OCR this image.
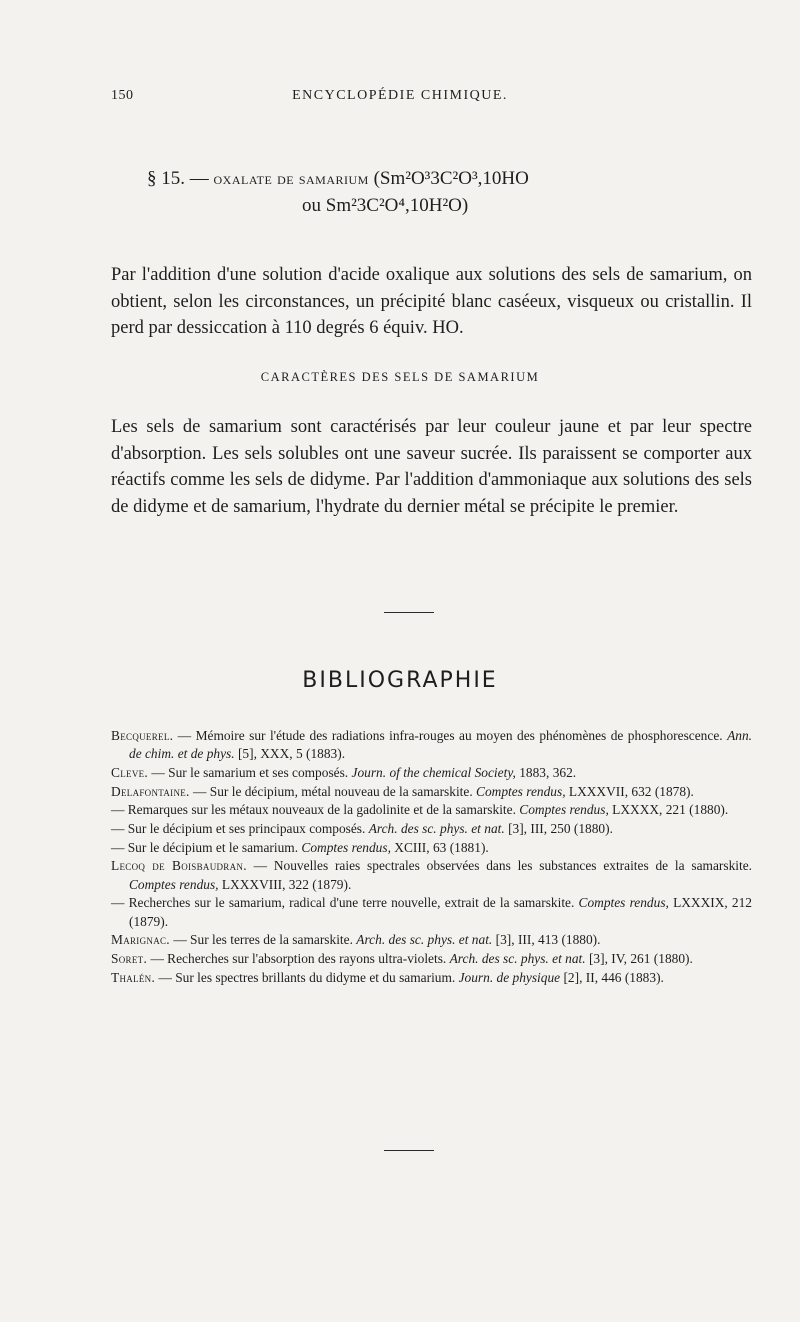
150	ENCYCLOPÉDIE CHIMIQUE.
§ 15. — oxalate de samarium (Sm²O³3C²O³,10HO
ou Sm²3C²O⁴,10H²O)

Par l'addition d'une solution d'acide oxalique aux solutions des sels de samarium, on obtient, selon les circonstances, un précipité blanc caséeux, visqueux ou cristallin. Il perd par dessiccation à 110 degrés 6 équiv. HO.

CARACTÈRES DES SELS DE SAMARIUM

Les sels de samarium sont caractérisés par leur couleur jaune et par leur spectre d'absorption. Les sels solubles ont une saveur sucrée. Ils paraissent se comporter aux réactifs comme les sels de didyme. Par l'addition d'ammoniaque aux solutions des sels de didyme et de samarium, l'hydrate du dernier métal se précipite le premier.

BIBLIOGRAPHIE

Becquerel. — Mémoire sur l'étude des radiations infra-rouges au moyen des phénomènes de phosphorescence. Ann. de chim. et de phys. [5], XXX, 5 (1883).

Cleve. — Sur le samarium et ses composés. Journ. of the chemical Society, 1883, 362.

Delafontaine. — Sur le décipium, métal nouveau de la samarskite. Comptes rendus, LXXXVII, 632 (1878).

— Remarques sur les métaux nouveaux de la gadolinite et de la samarskite. Comptes rendus, LXXXX, 221 (1880).

— Sur le décipium et ses principaux composés. Arch. des sc. phys. et nat. [3], III, 250 (1880).

— Sur le décipium et le samarium. Comptes rendus, XCIII, 63 (1881).

Lecoq de Boisbaudran. — Nouvelles raies spectrales observées dans les substances extraites de la samarskite. Comptes rendus, LXXXVIII, 322 (1879).

— Recherches sur le samarium, radical d'une terre nouvelle, extrait de la samarskite. Comptes rendus, LXXXIX, 212 (1879).

Marignac. — Sur les terres de la samarskite. Arch. des sc. phys. et nat. [3], III, 413 (1880).

Soret. — Recherches sur l'absorption des rayons ultra-violets. Arch. des sc. phys. et nat. [3], IV, 261 (1880).

Thalén. — Sur les spectres brillants du didyme et du samarium. Journ. de physique [2], II, 446 (1883).
